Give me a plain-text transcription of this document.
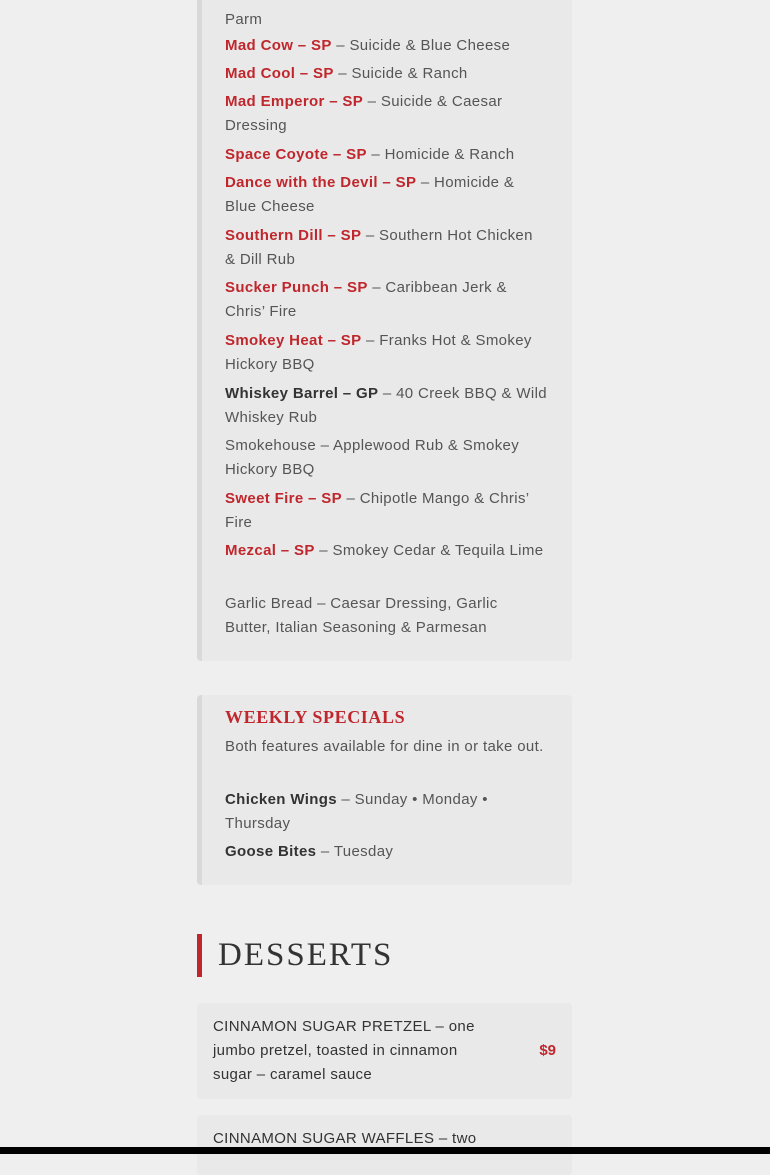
Parm

Mad Cow – SP – Suicide & Blue Cheese

Mad Cool – SP – Suicide & Ranch

Mad Emperor – SP – Suicide & Caesar Dressing

Space Coyote – SP – Homicide & Ranch

Dance with the Devil – SP – Homicide & Blue Cheese

Southern Dill – SP – Southern Hot Chicken & Dill Rub

Sucker Punch – SP – Caribbean Jerk & Chris’ Fire

Smokey Heat – SP – Franks Hot & Smokey Hickory BBQ

Whiskey Barrel – GP – 40 Creek BBQ & Wild Whiskey Rub

Smokehouse – Applewood Rub & Smokey Hickory BBQ

Sweet Fire – SP – Chipotle Mango & Chris’ Fire

Mezcal – SP – Smokey Cedar & Tequila Lime

Garlic Bread – Caesar Dressing, Garlic Butter, Italian Seasoning & Parmesan

WEEKLY SPECIALS

Both features available for dine in or take out.

Chicken Wings – Sunday • Monday • Thursday

Goose Bites – Tuesday

DESSERTS
CINNAMON SUGAR PRETZEL – one jumbo pretzel, toasted in cinnamon sugar – caramel sauce
$9
CINNAMON SUGAR WAFFLES – two
